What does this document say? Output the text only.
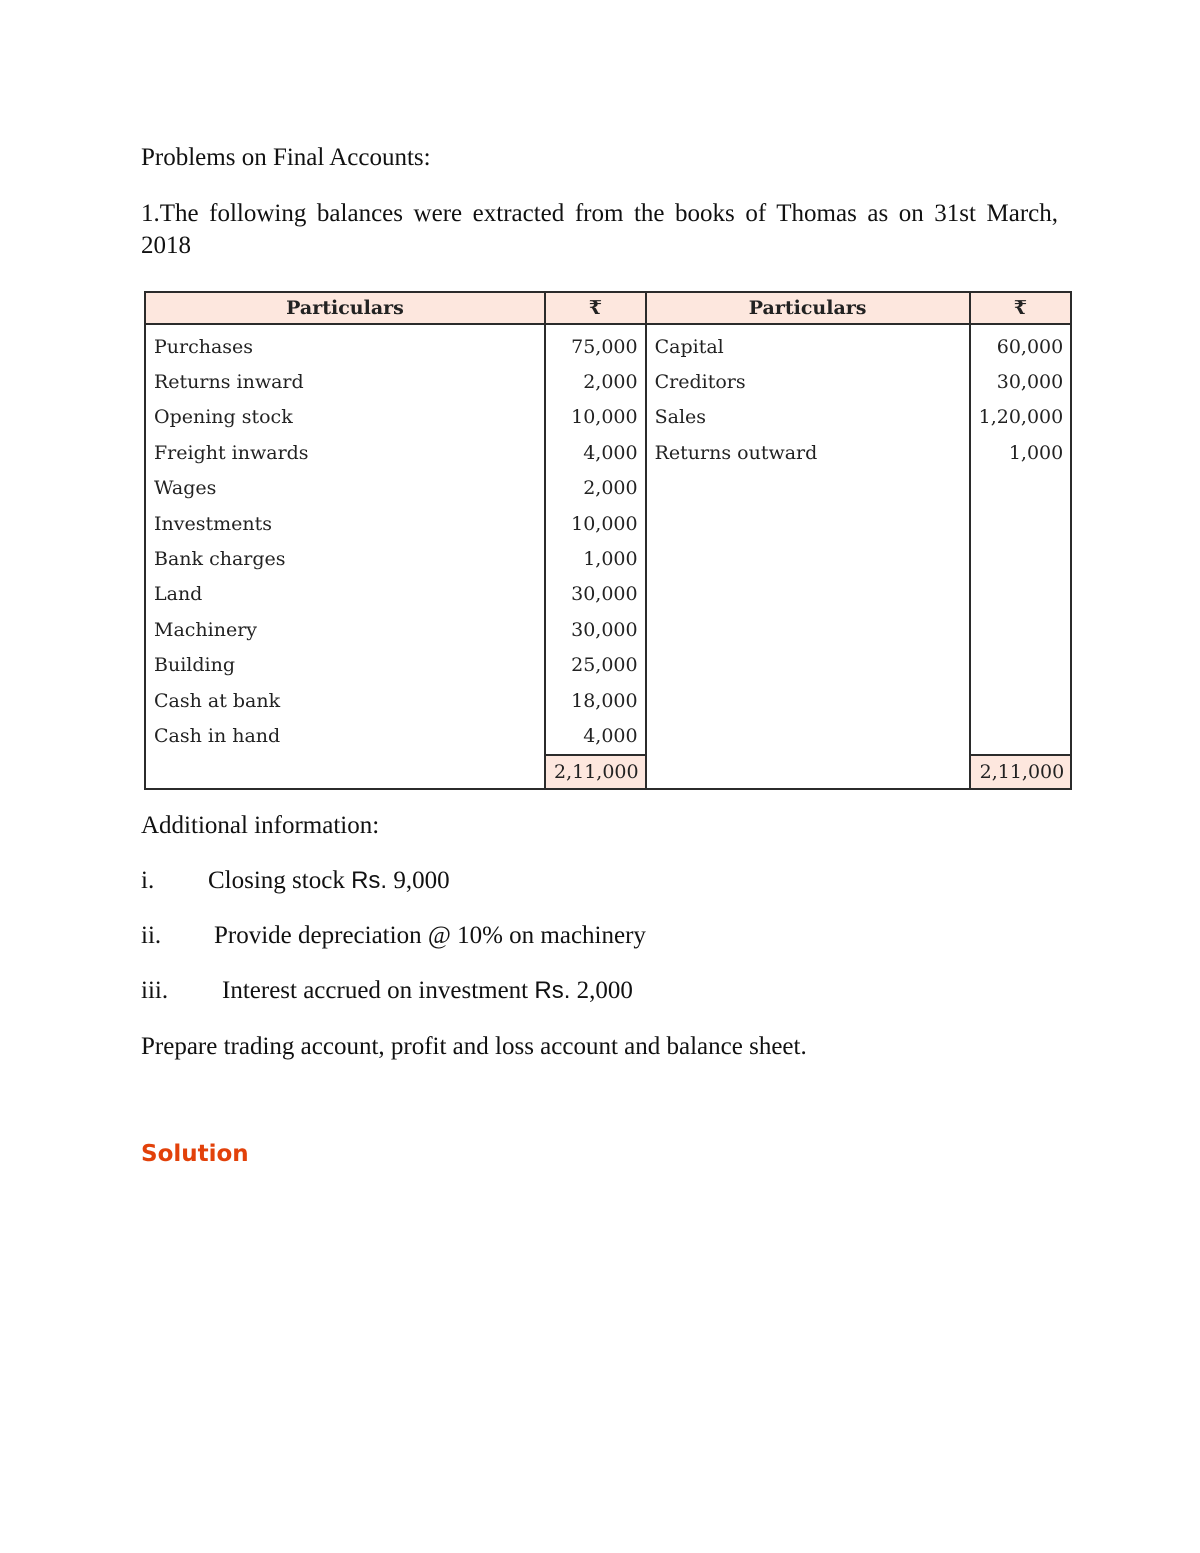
Problems on Final Accounts:

1.The following balances were extracted from the books of Thomas as on 31st March, 2018

Particulars	₹	Particulars	₹
Purchases	75,000	Capital	60,000
Returns inward	2,000	Creditors	30,000
Opening stock	10,000	Sales	1,20,000
Freight inwards	4,000	Returns outward	1,000
Wages	2,000		
Investments	10,000		
Bank charges	1,000		
Land	30,000		
Machinery	30,000		
Building	25,000		
Cash at bank	18,000		
Cash in hand	4,000		
	2,11,000		2,11,000

Additional information:

i. Closing stock Rs. 9,000
ii. Provide depreciation @ 10% on machinery
iii. Interest accrued on investment Rs. 2,000

Prepare trading account, profit and loss account and balance sheet.

Solution
